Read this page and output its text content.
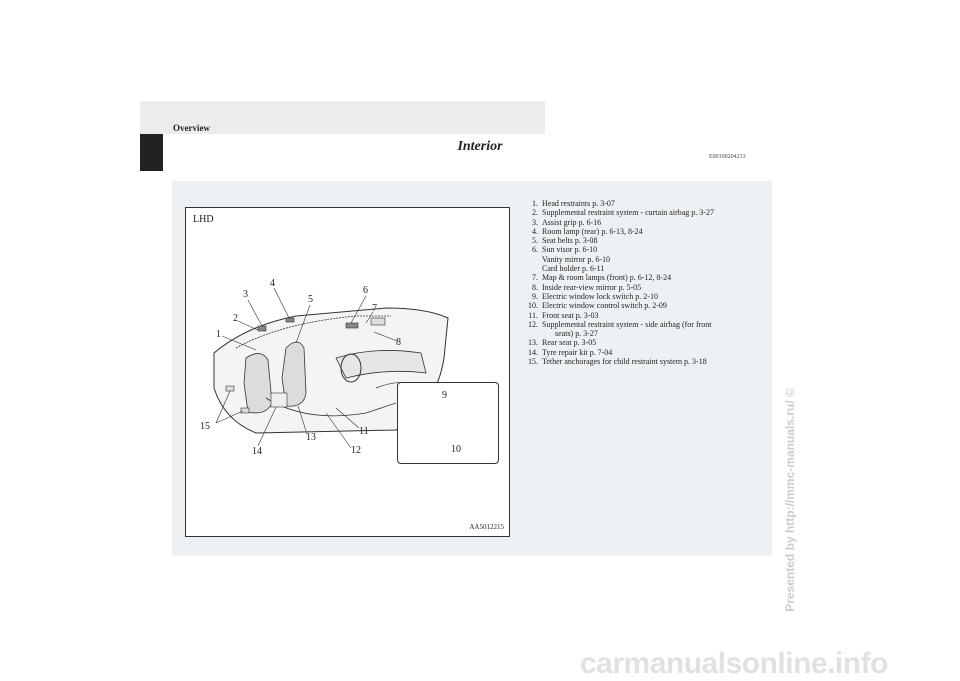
Overview
Interior
E00100204233
LHD
1
2
3
4
5
6
7
8
9
10
11
12
13
14
15
AA5012215
1. Head restraints p. 3-07
2. Supplemental restraint system - curtain airbag p. 3-27
3. Assist grip p. 6-16
4. Room lamp (rear) p. 6-13, 8-24
5. Seat belts p. 3-08
6. Sun visor p. 6-10
Vanity mirror p. 6-10
Card holder p. 6-11
7. Map & room lamps (front) p. 6-12, 8-24
8. Inside rear-view mirror p. 5-05
9. Electric window lock switch p. 2-10
10. Electric window control switch p. 2-09
11. Front seat p. 3-03
12. Supplemental restraint system - side airbag (for front
seats) p. 3-27
13. Rear seat p. 3-05
14. Tyre repair kit p. 7-04
15. Tether anchorages for child restraint system p. 3-18
Presented by http://mmc-manuals.ru/ ©
carmanualsonline.info
